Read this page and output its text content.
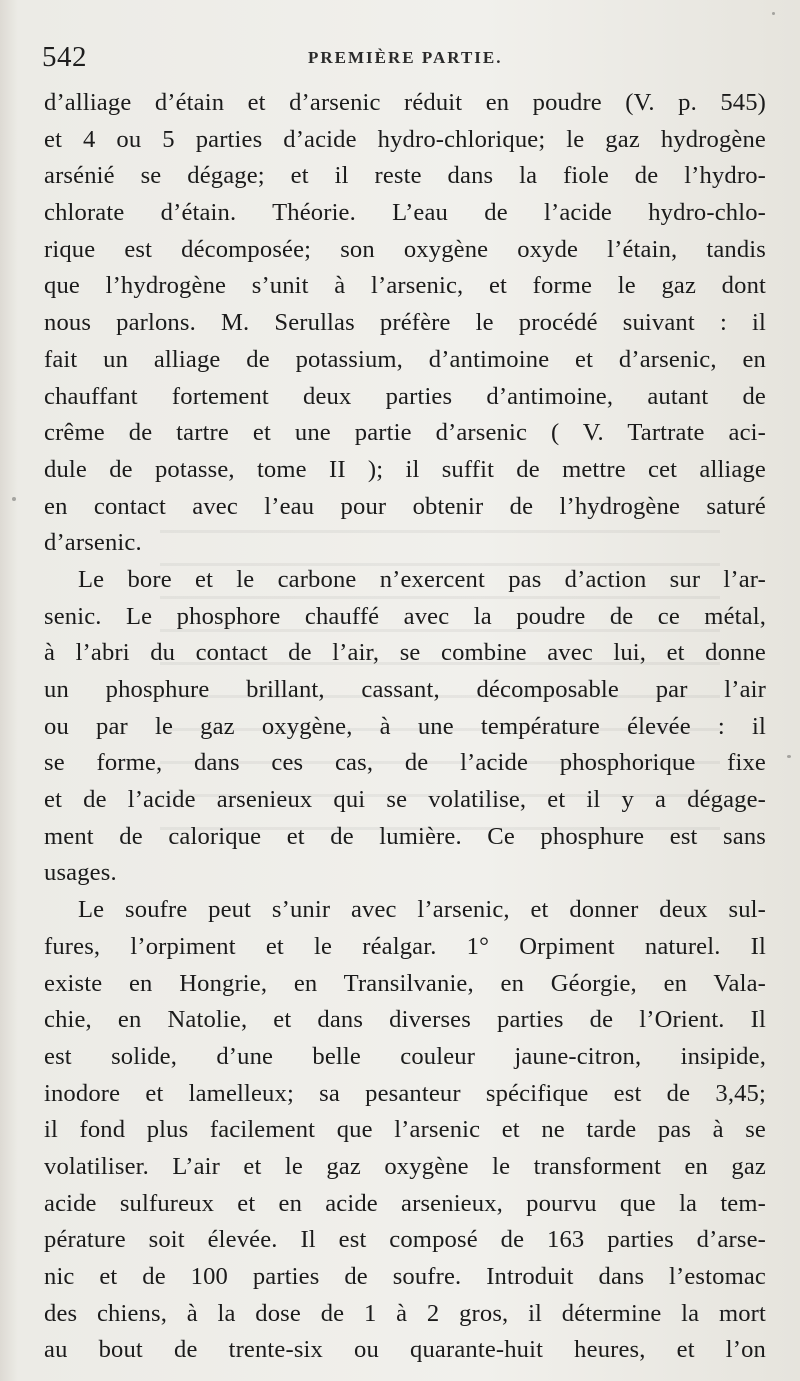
542	PREMIÈRE PARTIE.
d’alliage d’étain et d’arsenic réduit en poudre (V. p. 545)
et 4 ou 5 parties d’acide hydro-chlorique; le gaz hydrogène
arsénié se dégage; et il reste dans la fiole de l’hydro-
chlorate d’étain. Théorie. L’eau de l’acide hydro-chlo-
rique est décomposée; son oxygène oxyde l’étain, tandis
que l’hydrogène s’unit à l’arsenic, et forme le gaz dont
nous parlons. M. Serullas préfère le procédé suivant : il
fait un alliage de potassium, d’antimoine et d’arsenic, en
chauffant fortement deux parties d’antimoine, autant de
crême de tartre et une partie d’arsenic ( V. Tartrate aci-
dule de potasse, tome II ); il suffit de mettre cet alliage
en contact avec l’eau pour obtenir de l’hydrogène saturé
d’arsenic.
Le bore et le carbone n’exercent pas d’action sur l’ar-
senic. Le phosphore chauffé avec la poudre de ce métal,
à l’abri du contact de l’air, se combine avec lui, et donne
un phosphure brillant, cassant, décomposable par l’air
ou par le gaz oxygène, à une température élevée : il
se forme, dans ces cas, de l’acide phosphorique fixe
et de l’acide arsenieux qui se volatilise, et il y a dégage-
ment de calorique et de lumière. Ce phosphure est sans
usages.
Le soufre peut s’unir avec l’arsenic, et donner deux sul-
fures, l’orpiment et le réalgar. 1° Orpiment naturel. Il
existe en Hongrie, en Transilvanie, en Géorgie, en Vala-
chie, en Natolie, et dans diverses parties de l’Orient. Il
est solide, d’une belle couleur jaune-citron, insipide,
inodore et lamelleux; sa pesanteur spécifique est de 3,45;
il fond plus facilement que l’arsenic et ne tarde pas à se
volatiliser. L’air et le gaz oxygène le transforment en gaz
acide sulfureux et en acide arsenieux, pourvu que la tem-
pérature soit élevée. Il est composé de 163 parties d’arse-
nic et de 100 parties de soufre. Introduit dans l’estomac
des chiens, à la dose de 1 à 2 gros, il détermine la mort
au bout de trente-six ou quarante-huit heures, et l’on
